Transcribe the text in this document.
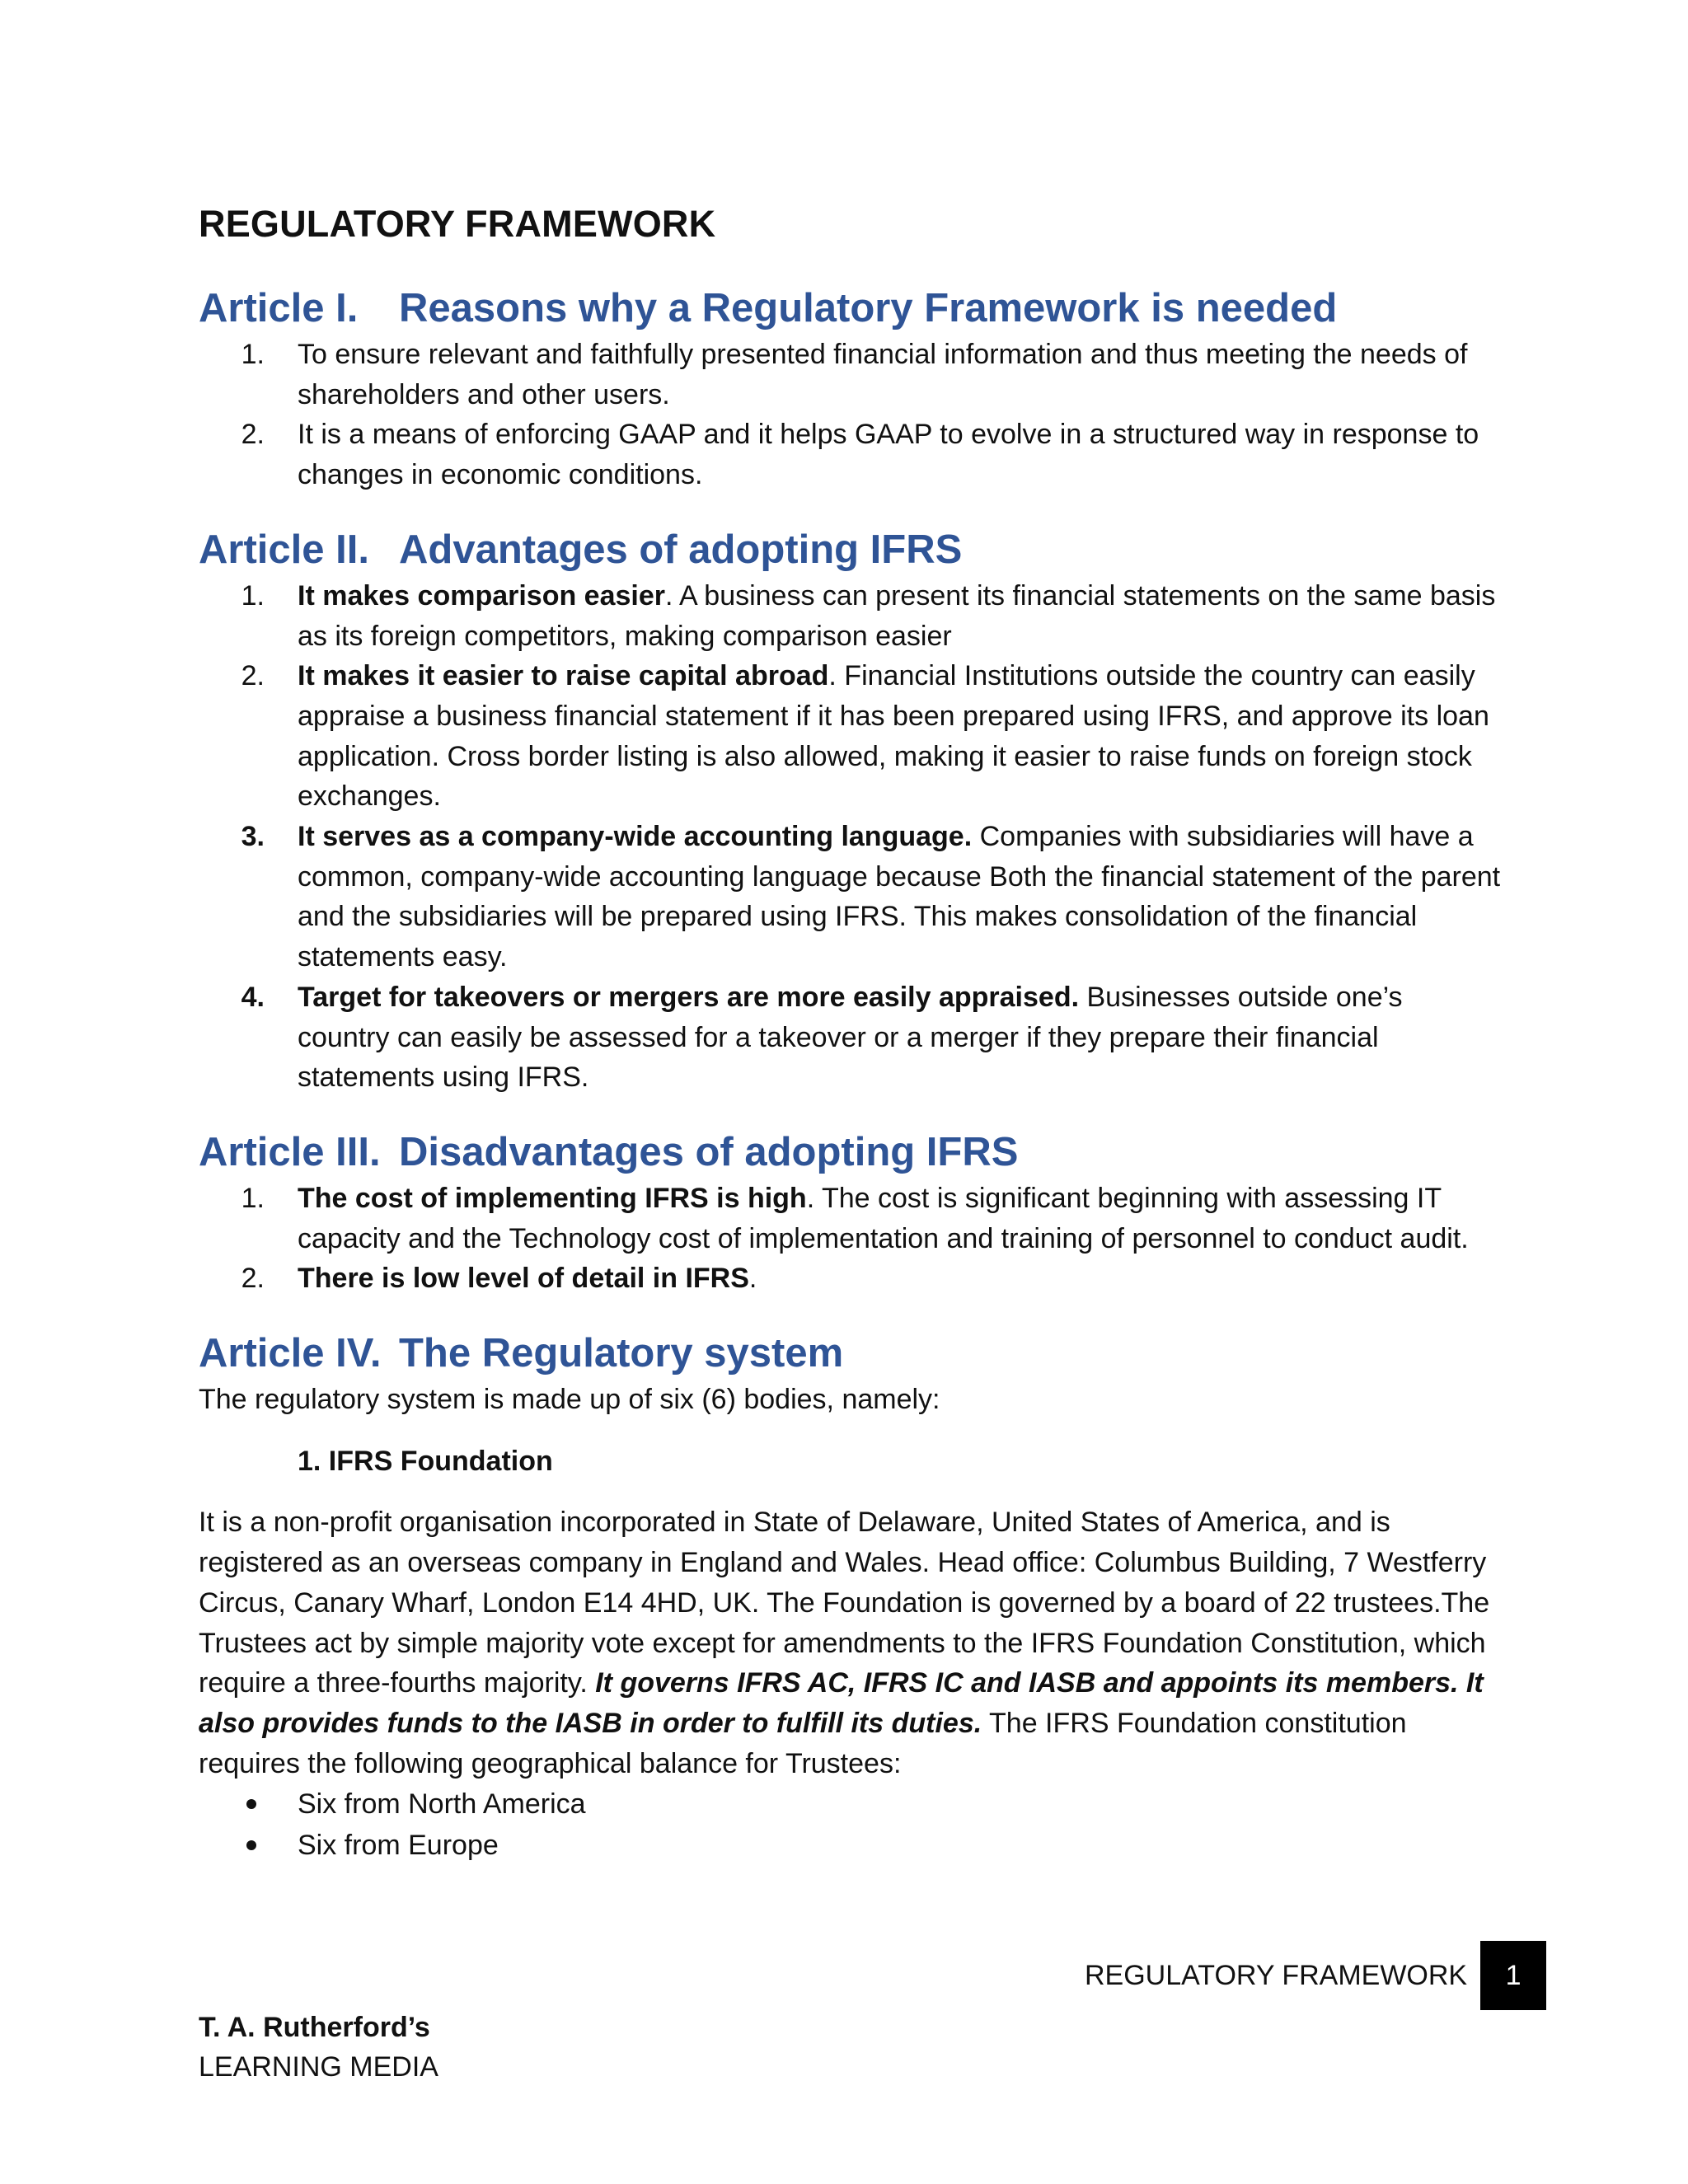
REGULATORY FRAMEWORK
Article I.	Reasons why a Regulatory Framework is needed
1.	To ensure relevant and faithfully presented financial information and thus meeting the needs of shareholders and other users.
2.	It is a means of enforcing GAAP and it helps GAAP to evolve in a structured way in response to changes in economic conditions.
Article II. Advantages of adopting IFRS
1.	It makes comparison easier. A business can present its financial statements on the same basis as its foreign competitors, making comparison easier
2.	It makes it easier to raise capital abroad. Financial Institutions outside the country can easily appraise a business financial statement if it has been prepared using IFRS, and approve its loan application. Cross border listing is also allowed, making it easier to raise funds on foreign stock exchanges.
3.	It serves as a company-wide accounting language. Companies with subsidiaries will have a common, company-wide accounting language because Both the financial statement of the parent and the subsidiaries will be prepared using IFRS. This makes consolidation of the financial statements easy.
4.	Target for takeovers or mergers are more easily appraised. Businesses outside one’s country can easily be assessed for a takeover or a merger if they prepare their financial statements using IFRS.
Article III. Disadvantages of adopting IFRS
1.	The cost of implementing IFRS is high. The cost is significant beginning with assessing IT capacity and the Technology cost of implementation and training of personnel to conduct audit.
2.	There is low level of detail in IFRS.
Article IV. The Regulatory system

The regulatory system is made up of six (6) bodies, namely:

1. IFRS Foundation

It is a non-profit organisation incorporated in State of Delaware, United States of America, and is registered as an overseas company in England and Wales. Head office: Columbus Building, 7 Westferry Circus, Canary Wharf, London E14 4HD, UK. The Foundation is governed by a board of 22 trustees.The Trustees act by simple majority vote except for amendments to the IFRS Foundation Constitution, which require a three-fourths majority. It governs IFRS AC, IFRS IC and IASB and appoints its members. It also provides funds to the IASB in order to fulfill its duties. The IFRS Foundation constitution requires the following geographical balance for Trustees:

Six from North America
Six from Europe
REGULATORY FRAMEWORK	1
T. A. Rutherford’s
LEARNING MEDIA
